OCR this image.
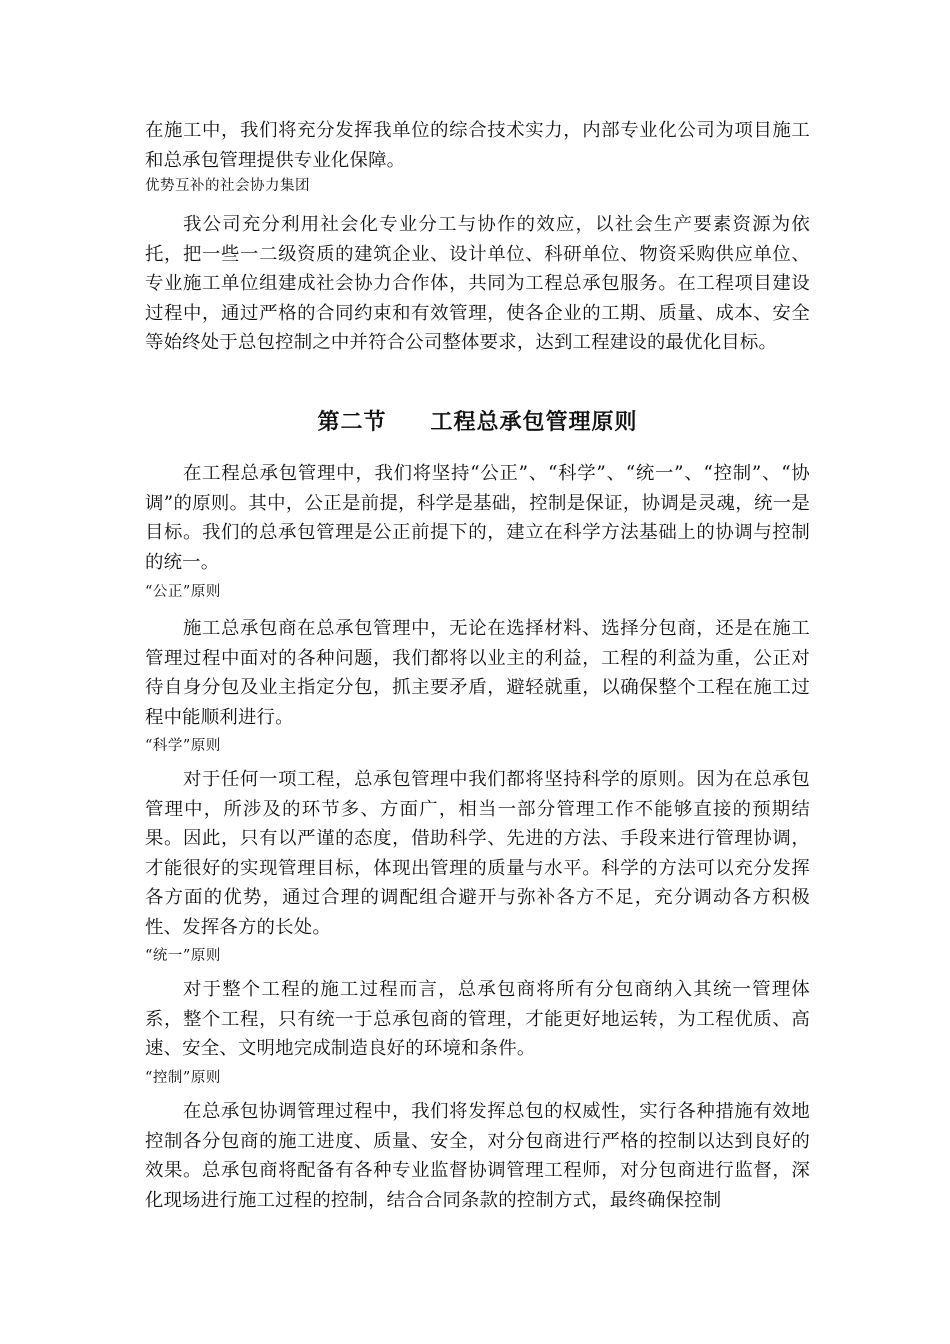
在施工中，我们将充分发挥我单位的综合技术实力，内部专业化公司为项目施工和总承包管理提供专业化保障。

优势互补的社会协力集团

我公司充分利用社会化专业分工与协作的效应，以社会生产要素资源为依托，把一些一二级资质的建筑企业、设计单位、科研单位、物资采购供应单位、专业施工单位组建成社会协力合作体，共同为工程总承包服务。在工程项目建设过程中，通过严格的合同约束和有效管理，使各企业的工期、质量、成本、安全等始终处于总包控制之中并符合公司整体要求，达到工程建设的最优化目标。

第二节 工程总承包管理原则

在工程总承包管理中，我们将坚持“公正”、“科学”、“统一”、“控制”、“协调”的原则。其中，公正是前提，科学是基础，控制是保证，协调是灵魂，统一是目标。我们的总承包管理是公正前提下的，建立在科学方法基础上的协调与控制的统一。

“公正”原则

施工总承包商在总承包管理中，无论在选择材料、选择分包商，还是在施工管理过程中面对的各种问题，我们都将以业主的利益，工程的利益为重，公正对待自身分包及业主指定分包，抓主要矛盾，避轻就重，以确保整个工程在施工过程中能顺利进行。

“科学”原则

对于任何一项工程，总承包管理中我们都将坚持科学的原则。因为在总承包管理中，所涉及的环节多、方面广，相当一部分管理工作不能够直接的预期结果。因此，只有以严谨的态度，借助科学、先进的方法、手段来进行管理协调，才能很好的实现管理目标，体现出管理的质量与水平。科学的方法可以充分发挥各方面的优势，通过合理的调配组合避开与弥补各方不足，充分调动各方积极性、发挥各方的长处。

“统一”原则

对于整个工程的施工过程而言，总承包商将所有分包商纳入其统一管理体系，整个工程，只有统一于总承包商的管理，才能更好地运转，为工程优质、高速、安全、文明地完成制造良好的环境和条件。

“控制”原则

在总承包协调管理过程中，我们将发挥总包的权威性，实行各种措施有效地控制各分包商的施工进度、质量、安全，对分包商进行严格的控制以达到良好的效果。总承包商将配备有各种专业监督协调管理工程师，对分包商进行监督，深化现场进行施工过程的控制，结合合同条款的控制方式，最终确保控制
